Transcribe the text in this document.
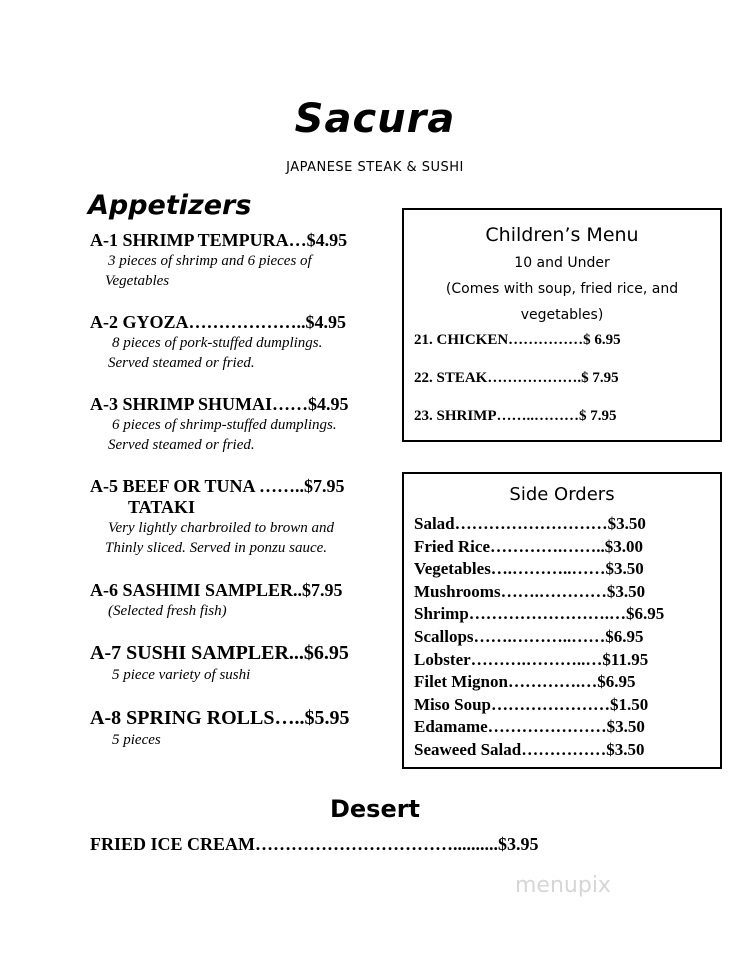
Sacura
JAPANESE STEAK & SUSHI
Appetizers
A-1 SHRIMP TEMPURA…$4.95
3 pieces of shrimp and 6 pieces of
Vegetables
A-2 GYOZA………………..$4.95
8 pieces of pork-stuffed dumplings.
Served steamed or fried.
A-3 SHRIMP SHUMAI……$4.95
6 pieces of shrimp-stuffed dumplings.
Served steamed or fried.
A-5 BEEF OR TUNA ……..$7.95
TATAKI
Very lightly charbroiled to brown and
Thinly sliced. Served in ponzu sauce.
A-6 SASHIMI SAMPLER..$7.95
(Selected fresh fish)
A-7 SUSHI SAMPLER...$6.95
5 piece variety of sushi
A-8 SPRING ROLLS…..$5.95
5 pieces
Children’s Menu
10 and Under
(Comes with soup, fried rice, and
vegetables)
21. CHICKEN……………$ 6.95
22. STEAK……………….$ 7.95
23. SHRIMP……..………$ 7.95
Side Orders
Salad………………………$3.50
Fried Rice………….……..$3.00
Vegetables….………..……$3.50
Mushrooms…….…………$3.50
Shrimp…………………….…$6.95
Scallops…….………..……$6.95
Lobster……….………..…$11.95
Filet Mignon………….…$6.95
Miso Soup…………………$1.50
Edamame…………………$3.50
Seaweed Salad……………$3.50
Desert
FRIED ICE CREAM……………………………..........$3.95
menupix
